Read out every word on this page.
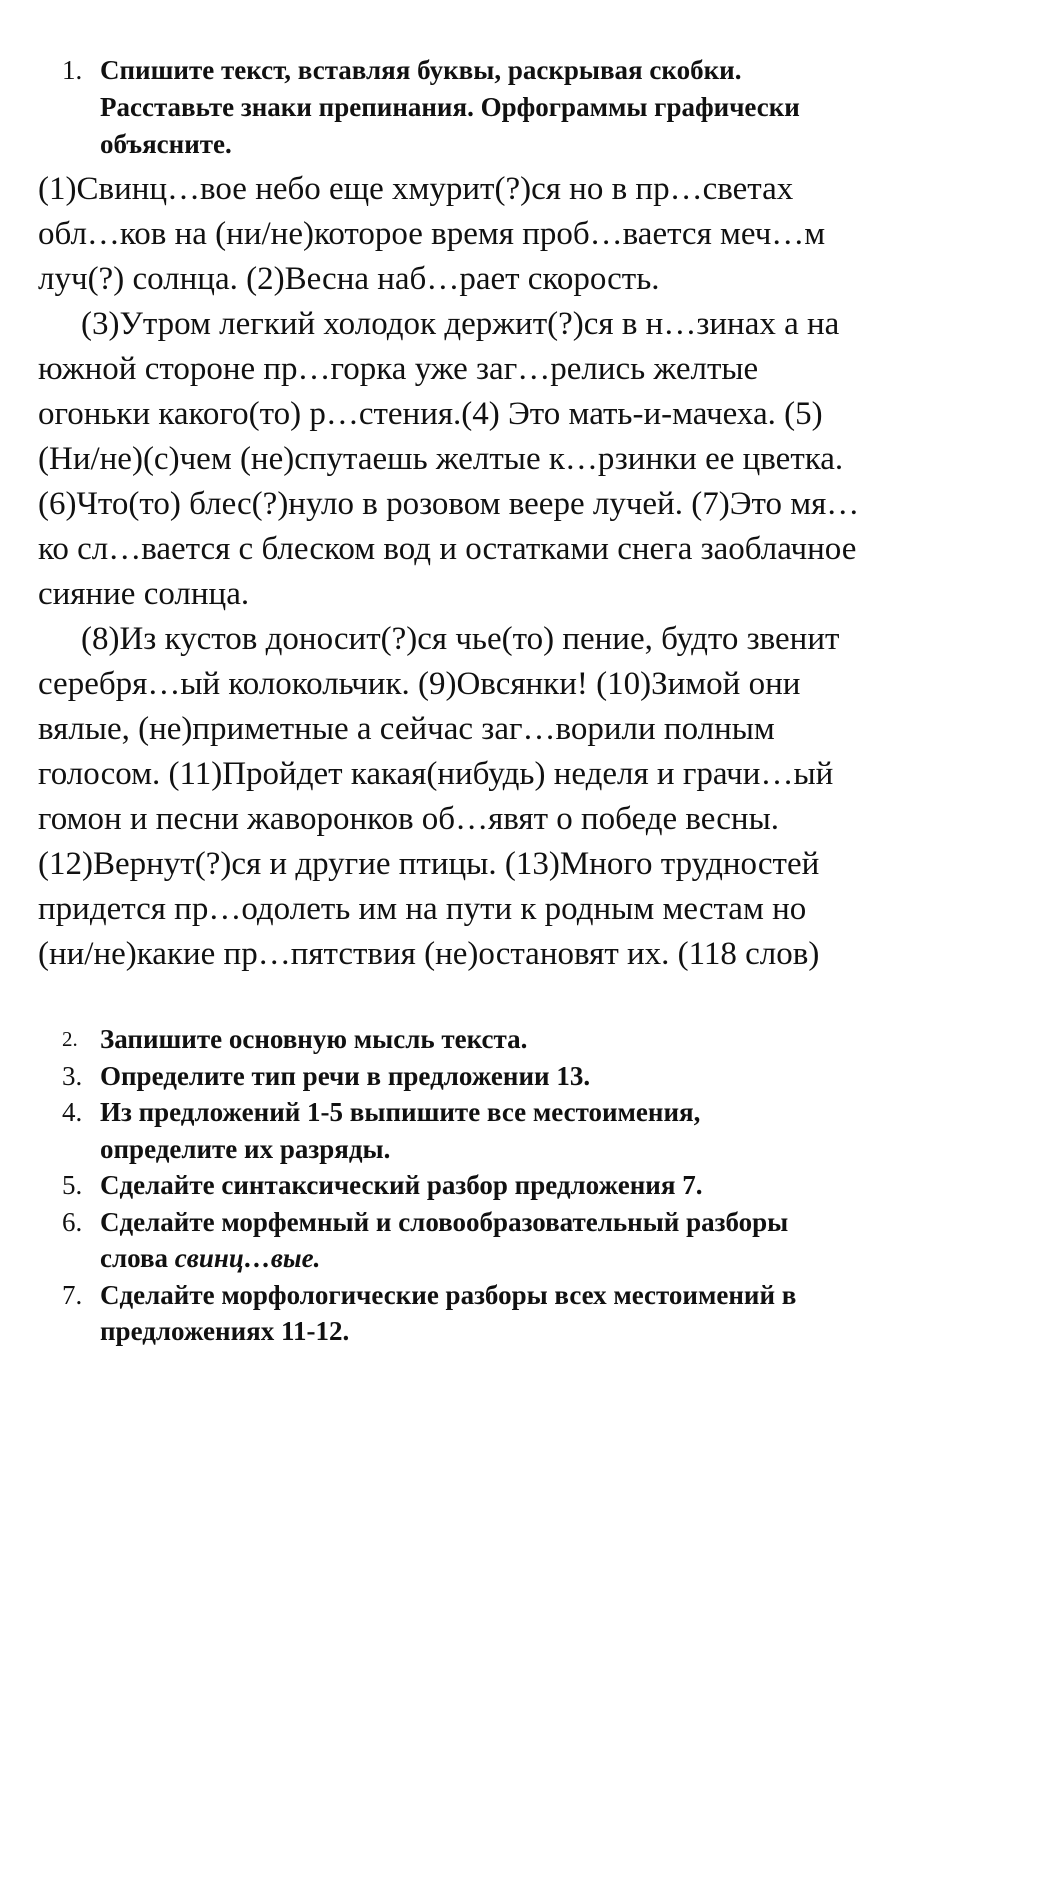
1. Спишите текст, вставляя буквы, раскрывая скобки.
Расставьте знаки препинания. Орфограммы графически
объясните.
(1)Свинц…вое небо еще хмурит(?)ся но в пр…светах
обл…ков на (ни/не)которое время проб…вается меч…м
луч(?) солнца. (2)Весна наб…рает скорость.
(3)Утром легкий холодок держит(?)ся в н…зинах а на
южной стороне пр…горка уже заг…релись желтые
огоньки какого(то) р…стения.(4) Это мать-и-мачеха. (5)
(Ни/не)(с)чем (не)спутаешь желтые к…рзинки ее цветка.
(6)Что(то) блес(?)нуло в розовом веере лучей. (7)Это мя…
ко сл…вается с блеском вод и остатками снега заоблачное
сияние солнца.
(8)Из кустов доносит(?)ся чье(то) пение, будто звенит
серебря…ый колокольчик. (9)Овсянки! (10)Зимой они
вялые, (не)приметные а сейчас заг…ворили полным
голосом. (11)Пройдет какая(нибудь) неделя и грачи…ый
гомон и песни жаворонков об…явят о победе весны.
(12)Вернут(?)ся и другие птицы. (13)Много трудностей
придется пр…одолеть им на пути к родным местам но
(ни/не)какие пр…пятствия (не)остановят их. (118 слов)
2. Запишите основную мысль текста.
3. Определите тип речи в предложении 13.
4. Из предложений 1-5 выпишите все местоимения,
определите их разряды.
5. Сделайте синтаксический разбор предложения 7.
6. Сделайте морфемный и словообразовательный разборы
слова свинц…вые.
7. Сделайте морфологические разборы всех местоимений в
предложениях 11-12.
